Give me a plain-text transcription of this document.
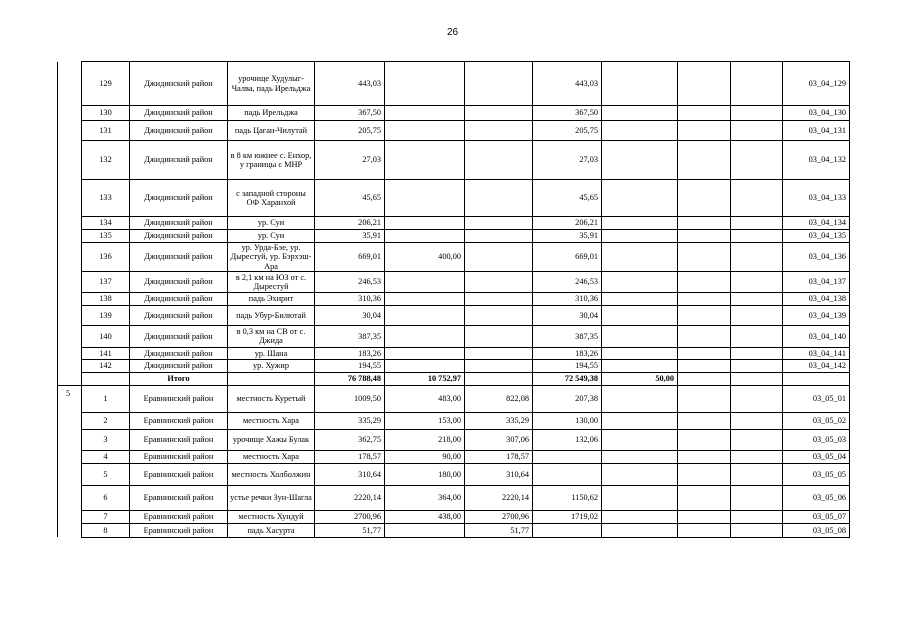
26
	129	Джидинский район	урочище Худулыг-Чалва, падь Ирельджа	443,03			443,03				03_04_129
	130	Джидинский район	падь Ирельджа	367,50			367,50				03_04_130
	131	Джидинский район	падь Цаган-Чилутай	205,75			205,75				03_04_131
	132	Джидинский район	в 8 км южнее с. Енхор, у границы с МНР	27,03			27,03				03_04_132
	133	Джидинский район	с западной стороны ОФ Харанхой	45,65			45,65				03_04_133
	134	Джидинский район	ур. Суи	206,21			206,21				03_04_134
	135	Джидинский район	ур. Суи	35,91			35,91				03_04_135
	136	Джидинский район	ур. Урда-Бэе, ур. Дырестуй, ур. Бэрхэш-Ара	669,01	400,00		669,01				03_04_136
	137	Джидинский район	в 2,1 км на ЮЗ от с. Дырестуй	246,53			246,53				03_04_137
	138	Джидинский район	падь Эхирит	310,36			310,36				03_04_138
	139	Джидинский район	падь Убур-Билютай	30,04			30,04				03_04_139
	140	Джидинский район	в 0,3 км на СВ от с. Джида	387,35			387,35				03_04_140
	141	Джидинский район	ур. Шана	183,26			183,26				03_04_141
	142	Джидинский район	ур. Хужир	194,55			194,55				03_04_142
		Итого		76 788,48	10 752,97		72 549,38	50,00			
5	1	Еравнинский район	местность Куретый	1009,50	483,00	822,08	207,38				03_05_01
	2	Еравнинский район	местность Хара	335,29	153,00	335,29	130,00				03_05_02
	3	Еравнинский район	урочище Хажы Булак	362,75	218,00	307,06	132,06				03_05_03
	4	Еравнинский район	местность Хара	178,57	90,00	178,57					03_05_04
	5	Еравнинский район	местность Холболжин	310,64	180,00	310,64					03_05_05
	6	Еравнинский район	устье речки Зун-Шагла	2220,14	364,00	2220,14	1150,62				03_05_06
	7	Еравнинский район	местность Хундуй	2700,96	438,00	2700,96	1719,02				03_05_07
	8	Еравнинский район	падь Хасурта	51,77		51,77					03_05_08
